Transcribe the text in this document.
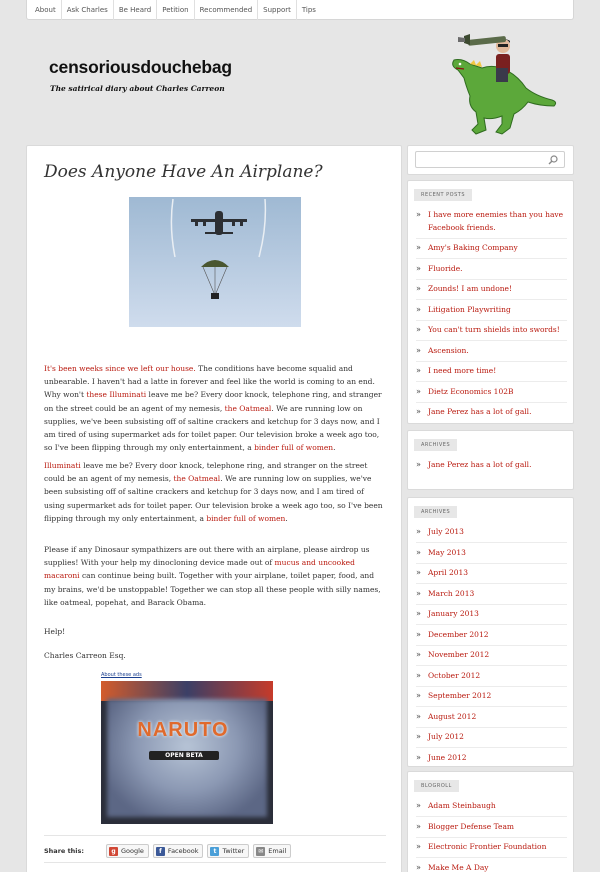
About	Ask Charles	Be Heard	Petition	Recommended	Support	Tips
censoriousdouchebag
The satirical diary about Charles Carreon
Does Anyone Have An Airplane?
It's been weeks since we left our house. The conditions have become squalid and unbearable. I haven't had a latte in forever and feel like the world is coming to an end. Why won't these Illuminati leave me be? Every door knock, telephone ring, and stranger on the street could be an agent of my nemesis, the Oatmeal. We are running low on supplies, we've been subsisting off of saltine crackers and ketchup for 3 days now, and I am tired of using supermarket ads for toilet paper. Our television broke a week ago too, so I've been flipping through my only entertainment, a binder full of women.
Illuminati leave me be? Every door knock, telephone ring, and stranger on the street could be an agent of my nemesis, the Oatmeal. We are running low on supplies, we've been subsisting off of saltine crackers and ketchup for 3 days now, and I am tired of using supermarket ads for toilet paper. Our television broke a week ago too, so I've been flipping through my only entertainment, a binder full of women.
Please if any Dinosaur sympathizers are out there with an airplane, please airdrop us supplies! With your help my dinocloning device made out of mucus and uncooked macaroni can continue being built. Together with your airplane, toilet paper, food, and my brains, we'd be unstoppable! Together we can stop all these people with silly names, like oatmeal, popehat, and Barack Obama.
Help!
Charles Carreon Esq.
About these ads
NARUTO
OPEN BETA
Share this:	g Google	f Facebook	t Twitter	✉ Email
RECENT POSTS
» I have more enemies than you have Facebook friends.
» Amy's Baking Company
» Fluoride.
» Zounds! I am undone!
» Litigation Playwriting
» You can't turn shields into swords!
» Ascension.
» I need more time!
» Dietz Economics 102B
» Jane Perez has a lot of gall.
ARCHIVES
» Jane Perez has a lot of gall.
ARCHIVES
» July 2013
» May 2013
» April 2013
» March 2013
» January 2013
» December 2012
» November 2012
» October 2012
» September 2012
» August 2012
» July 2012
» June 2012
BLOGROLL
» Adam Steinbaugh
» Blogger Defense Team
» Electronic Frontier Foundation
» Make Me A Day
